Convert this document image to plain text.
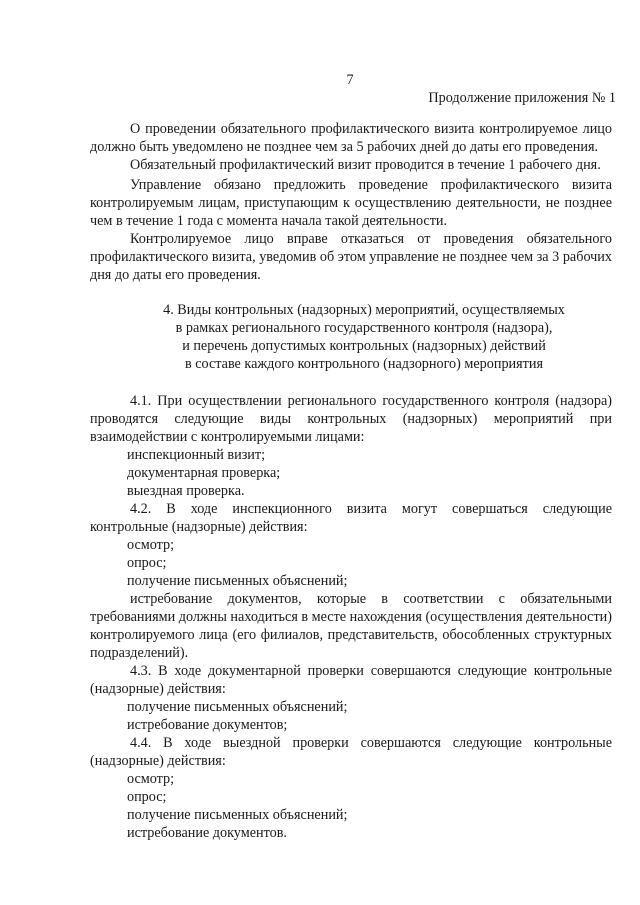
7
Продолжение приложения № 1

О проведении обязательного профилактического визита контролируемое лицо должно быть уведомлено не позднее чем за 5 рабочих дней до даты его проведения.

Обязательный профилактический визит проводится в течение 1 рабочего дня.

Управление обязано предложить проведение профилактического визита контролируемым лицам, приступающим к осуществлению деятельности, не позднее чем в течение 1 года с момента начала такой деятельности.

Контролируемое лицо вправе отказаться от проведения обязательного профилактического визита, уведомив об этом управление не позднее чем за 3 рабочих дня до даты его проведения.

4. Виды контрольных (надзорных) мероприятий, осуществляемых
в рамках регионального государственного контроля (надзора),
и перечень допустимых контрольных (надзорных) действий
в составе каждого контрольного (надзорного) мероприятия

4.1. При осуществлении регионального государственного контроля (надзора) проводятся следующие виды контрольных (надзорных) мероприятий при взаимодействии с контролируемыми лицами:

инспекционный визит;

документарная проверка;

выездная проверка.

4.2. В ходе инспекционного визита могут совершаться следующие контрольные (надзорные) действия:

осмотр;

опрос;

получение письменных объяснений;

истребование документов, которые в соответствии с обязательными требованиями должны находиться в месте нахождения (осуществления деятельности) контролируемого лица (его филиалов, представительств, обособленных структурных подразделений).

4.3. В ходе документарной проверки совершаются следующие контрольные (надзорные) действия:

получение письменных объяснений;

истребование документов;

4.4. В ходе выездной проверки совершаются следующие контрольные (надзорные) действия:

осмотр;

опрос;

получение письменных объяснений;

истребование документов.
